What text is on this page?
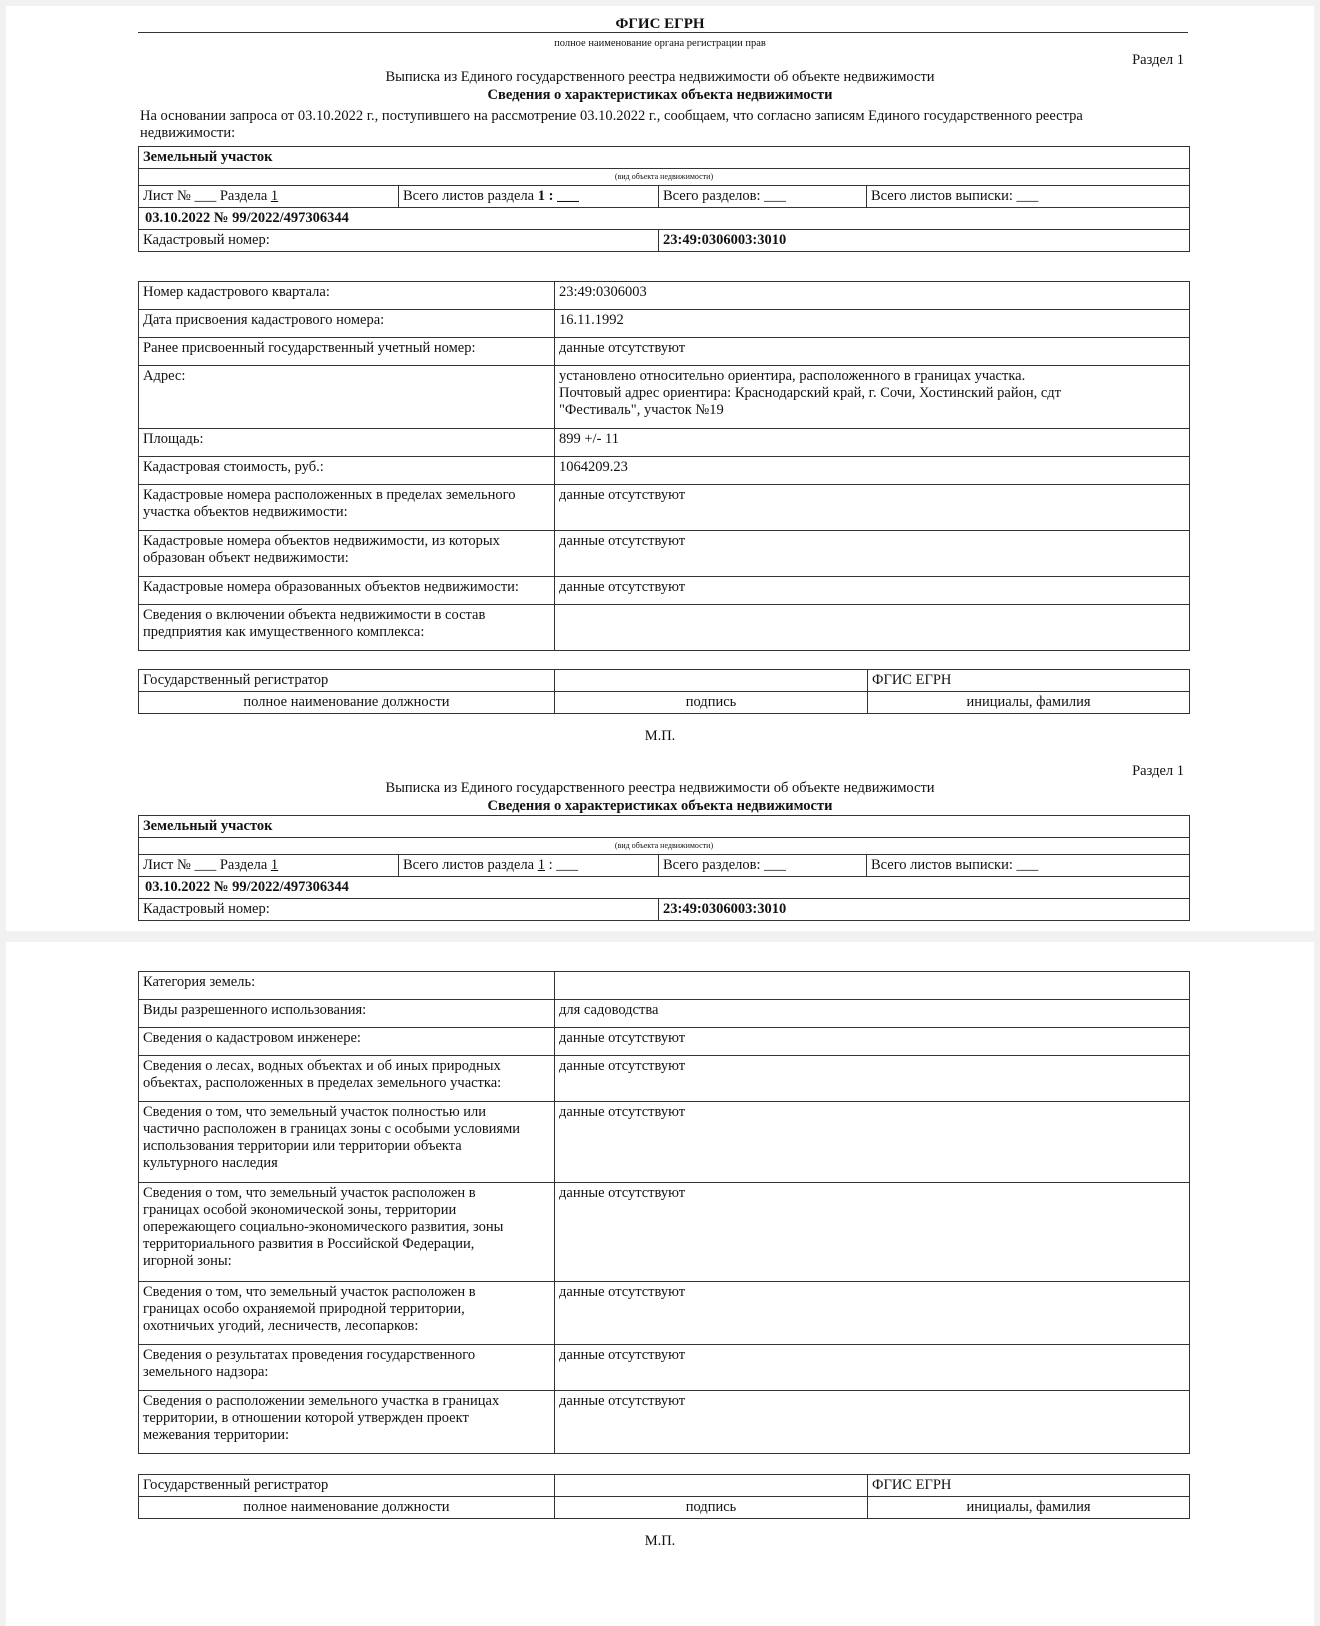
ФГИС ЕГРН
полное наименование органа регистрации прав
Раздел 1
Выписка из Единого государственного реестра недвижимости об объекте недвижимости
Сведения о характеристиках объекта недвижимости
На основании запроса от 03.10.2022 г., поступившего на рассмотрение 03.10.2022 г., сообщаем, что согласно записям Единого государственного реестра
недвижимости:
Земельный участок			
(вид объекта недвижимости)			
Лист № ___ Раздела 1	Всего листов раздела 1 : ___	Всего разделов: ___	Всего листов выписки: ___
03.10.2022 № 99/2022/497306344			
Кадастровый номер:		23:49:0306003:3010	
Номер кадастрового квартала:	23:49:0306003
Дата присвоения кадастрового номера:	16.11.1992
Ранее присвоенный государственный учетный номер:	данные отсутствуют
Адрес:	установлено относительно ориентира, расположенного в границах участка.
Почтовый адрес ориентира: Краснодарский край, г. Сочи, Хостинский район, сдт
"Фестиваль", участок №19

Площадь:	899 +/- 11
Кадастровая стоимость, руб.:	1064209.23

Кадастровые номера расположенных в пределах земельного
участка объектов недвижимости:	данные отсутствуют

Кадастровые номера объектов недвижимости, из которых
образован объект недвижимости:	данные отсутствуют
Кадастровые номера образованных объектов недвижимости:	данные отсутствуют

Сведения о включении объекта недвижимости в состав
предприятия как имущественного комплекса:	

Государственный регистратор		ФГИС ЕГРН
полное наименование должности	подпись	инициалы, фамилия
М.П.
Раздел 1
Выписка из Единого государственного реестра недвижимости об объекте недвижимости
Сведения о характеристиках объекта недвижимости
Земельный участок			
(вид объекта недвижимости)			
Лист № ___ Раздела 1	Всего листов раздела 1 : ___	Всего разделов: ___	Всего листов выписки: ___
03.10.2022 № 99/2022/497306344			
Кадастровый номер:		23:49:0306003:3010	
Категория земель:	
Виды разрешенного использования:	для садоводства
Сведения о кадастровом инженере:	данные отсутствуют

Сведения о лесах, водных объектах и об иных природных
объектах, расположенных в пределах земельного участка:	данные отсутствуют

Сведения о том, что земельный участок полностью или
частично расположен в границах зоны с особыми условиями
использования территории или территории объекта
культурного наследия	данные отсутствуют

Сведения о том, что земельный участок расположен в
границах особой экономической зоны, территории
опережающего социально-экономического развития, зоны
территориального развития в Российской Федерации,
игорной зоны:	данные отсутствуют

Сведения о том, что земельный участок расположен в
границах особо охраняемой природной территории,
охотничьих угодий, лесничеств, лесопарков:	данные отсутствуют

Сведения о результатах проведения государственного
земельного надзора:	данные отсутствуют

Сведения о расположении земельного участка в границах
территории, в отношении которой утвержден проект
межевания территории:	данные отсутствуют
Государственный регистратор		ФГИС ЕГРН
полное наименование должности	подпись	инициалы, фамилия
М.П.
